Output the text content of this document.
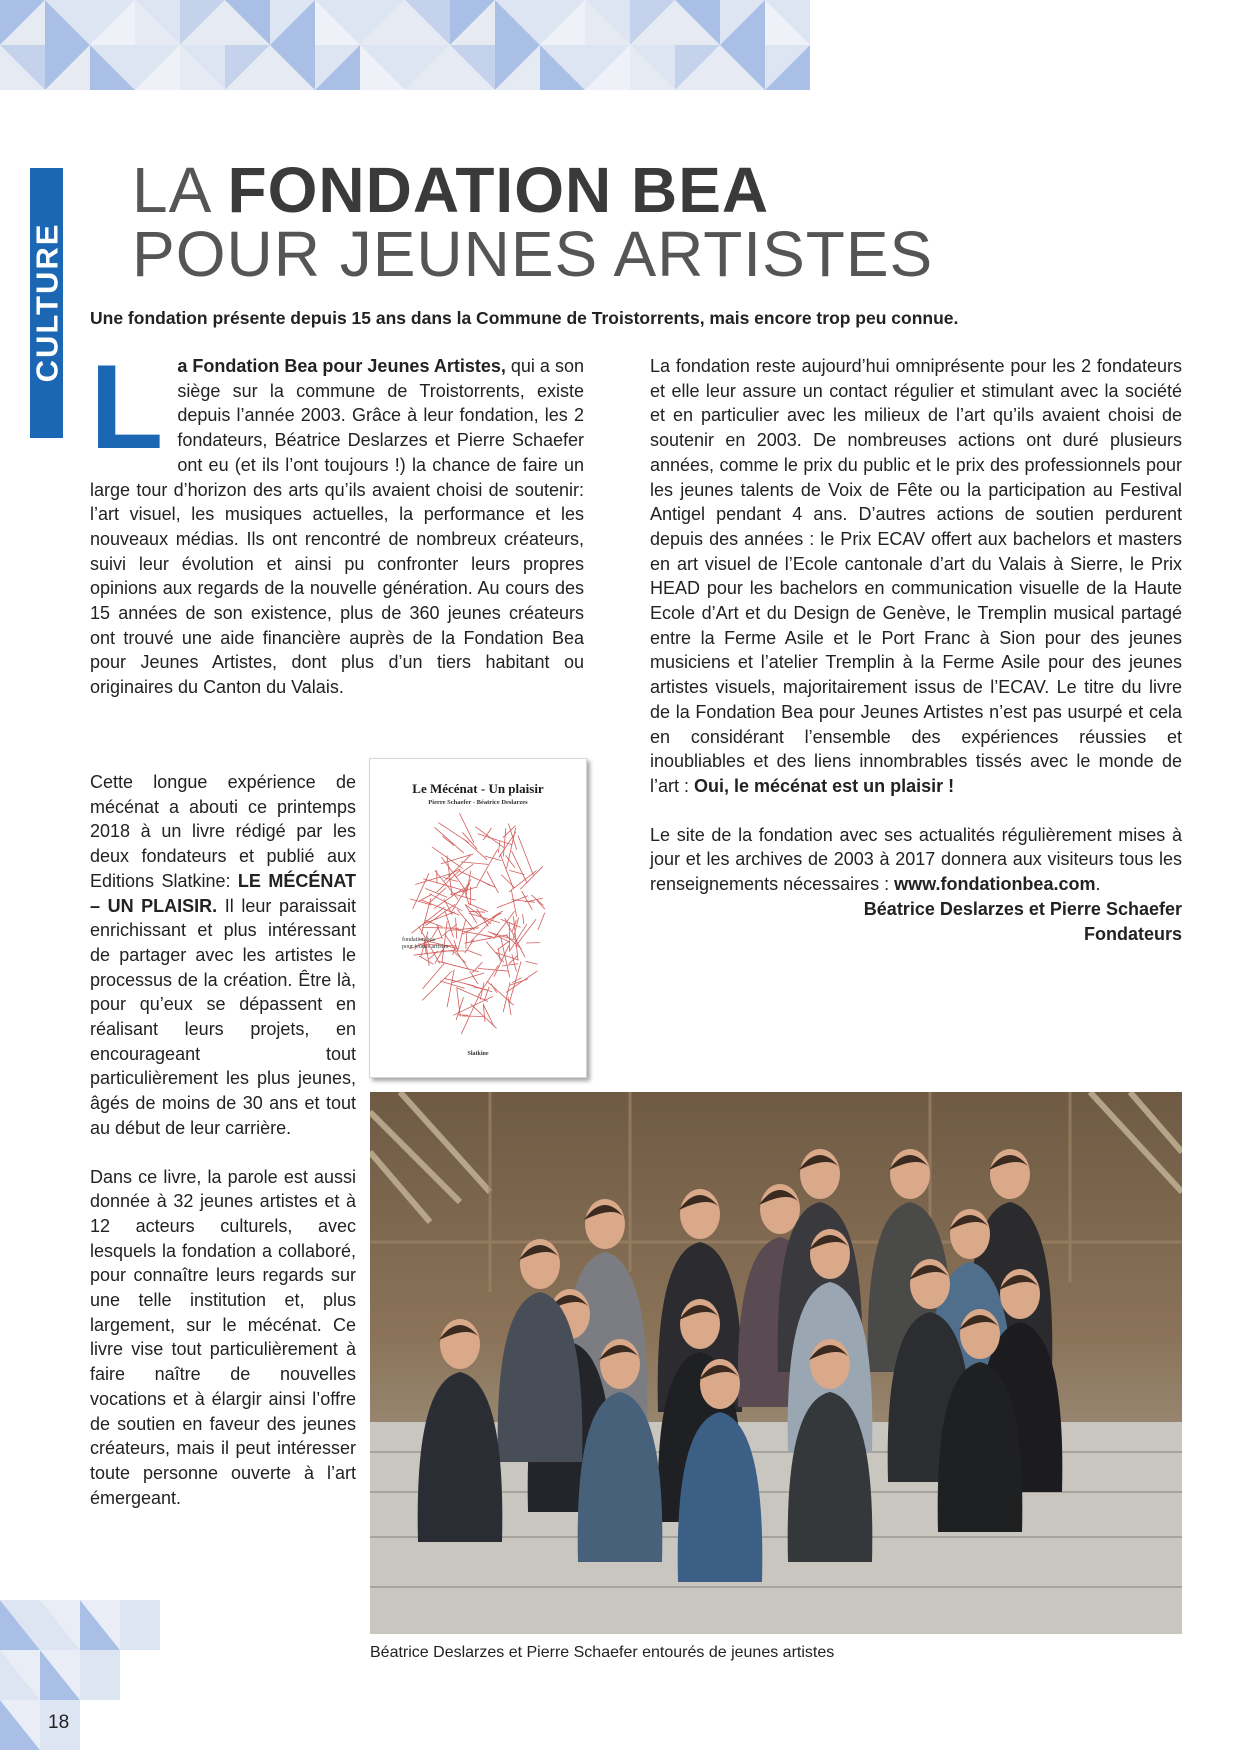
CULTURE
LA FONDATION BEA
POUR JEUNES ARTISTES
Une fondation présente depuis 15 ans dans la Commune de Troistorrents, mais encore trop peu connue.

La Fondation Bea pour Jeunes Artistes, qui a son siège sur la commune de Troistorrents, existe depuis l’année 2003. Grâce à leur fondation, les 2 fondateurs, Béatrice Deslarzes et Pierre Schaefer ont eu (et ils l’ont toujours !) la chance de faire un large tour d’horizon des arts qu’ils avaient choisi de soutenir: l’art visuel, les musiques actuelles, la performance et les nouveaux médias. Ils ont rencontré de nombreux créateurs, suivi leur évolution et ainsi pu confronter leurs propres opinions aux regards de la nouvelle génération. Au cours des 15 années de son existence, plus de 360 jeunes créateurs ont trouvé une aide financière auprès de la Fondation Bea pour Jeunes Artistes, dont plus d’un tiers habitant ou originaires du Canton du Valais.

Cette longue expérience de mécénat a abouti ce printemps 2018 à un livre rédigé par les deux fondateurs et publié aux Editions Slatkine: LE MÉCÉNAT – UN PLAISIR. Il leur paraissait enrichissant et plus intéressant de partager avec les artistes le processus de la création. Être là, pour qu’eux se dépassent en réalisant leurs projets, en encourageant tout particulièrement les plus jeunes, âgés de moins de 30 ans et tout au début de leur carrière.

Dans ce livre, la parole est aussi donnée à 32 jeunes artistes et à 12 acteurs culturels, avec lesquels la fondation a collaboré, pour connaître leurs regards sur une telle institution et, plus largement, sur le mécénat. Ce livre vise tout particulièrement à faire naître de nouvelles vocations et à élargir ainsi l’offre de soutien en faveur des jeunes créateurs, mais il peut intéresser toute personne ouverte à l’art émergeant.

La fondation reste aujourd’hui omniprésente pour les 2 fondateurs et elle leur assure un contact régulier et stimulant avec la société et en particulier avec les milieux de l’art qu’ils avaient choisi de soutenir en 2003. De nombreuses actions ont duré plusieurs années, comme le prix du public et le prix des professionnels pour les jeunes talents de Voix de Fête ou la participation au Festival Antigel pendant 4 ans. D’autres actions de soutien perdurent depuis des années : le Prix ECAV offert aux bachelors et masters en art visuel de l’Ecole cantonale d’art du Valais à Sierre, le Prix HEAD pour les bachelors en communication visuelle de la Haute Ecole d’Art et du Design de Genève, le Tremplin musical partagé entre la Ferme Asile et le Port Franc à Sion pour des jeunes musiciens et l’atelier Tremplin à la Ferme Asile pour des jeunes artistes visuels, majoritairement issus de l’ECAV. Le titre du livre de la Fondation Bea pour Jeunes Artistes n’est pas usurpé et cela en considérant l’ensemble des expériences réussies et inoubliables et des liens innombrables tissés avec le monde de l’art : Oui, le mécénat est un plaisir !

Le site de la fondation avec ses actualités régulièrement mises à jour et les archives de 2003 à 2017 donnera aux visiteurs tous les renseignements nécessaires : www.fondationbea.com.

Béatrice Deslarzes et Pierre Schaefer
Fondateurs
Le Mécénat - Un plaisir
Pierre Schaefer - Béatrice Deslarzes
fondation bea
pour jeunes artistes
Slatkine
Béatrice Deslarzes et Pierre Schaefer entourés de jeunes artistes
18
